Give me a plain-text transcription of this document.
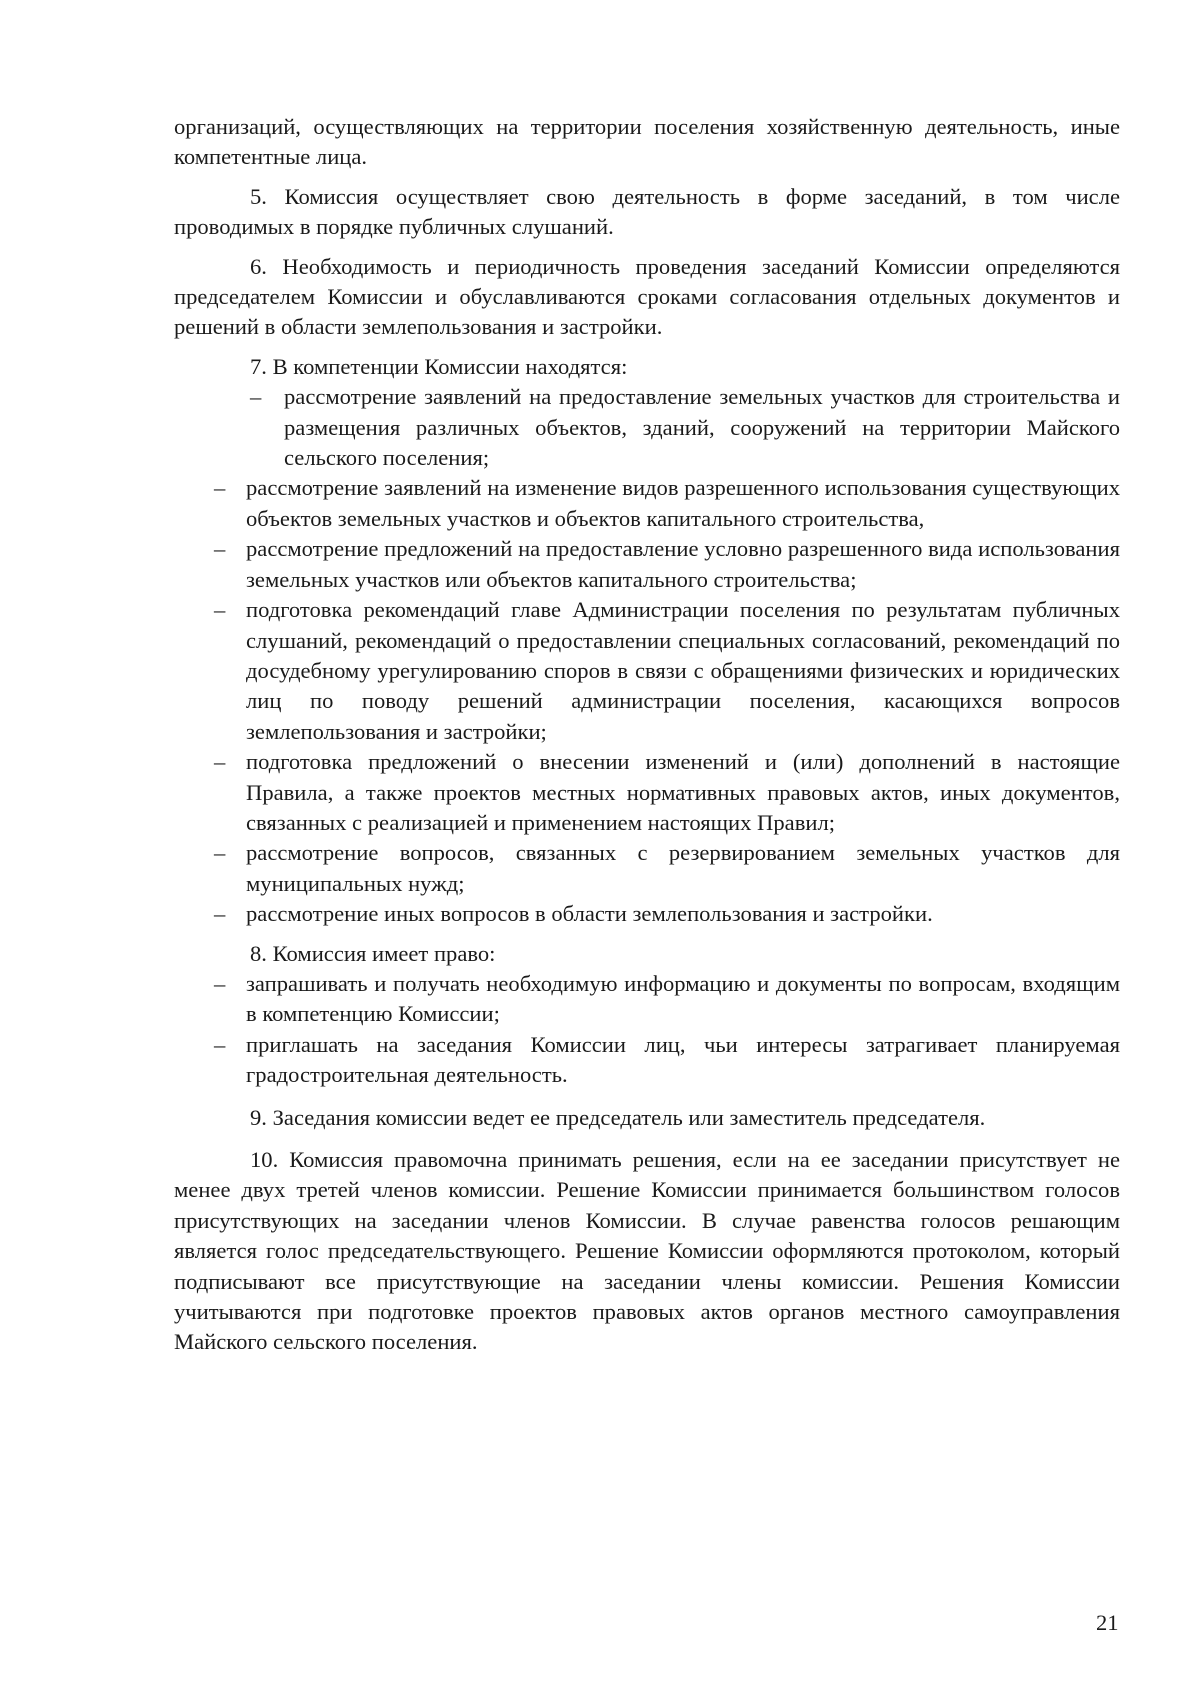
организаций, осуществляющих на территории поселения хозяйственную деятельность, иные компетентные лица.

5. Комиссия осуществляет свою деятельность в форме заседаний, в том числе проводимых в порядке публичных слушаний.

6. Необходимость и периодичность проведения заседаний Комиссии определяются председателем Комиссии и обуславливаются сроками согласования отдельных документов и решений в области землепользования и застройки.

7. В компетенции Комиссии находятся:

– рассмотрение заявлений на предоставление земельных участков для строительства и размещения различных объектов, зданий, сооружений на территории Майского сельского поселения;
– рассмотрение заявлений на изменение видов разрешенного использования существующих объектов земельных участков и объектов капитального строительства,
– рассмотрение предложений на предоставление условно разрешенного вида использования земельных участков или объектов капитального строительства;
– подготовка рекомендаций главе Администрации поселения по результатам публичных слушаний, рекомендаций о предоставлении специальных согласований, рекомендаций по досудебному урегулированию споров в связи с обращениями физических и юридических лиц по поводу решений администрации поселения, касающихся вопросов землепользования и застройки;
– подготовка предложений о внесении изменений и (или) дополнений в настоящие Правила, а также проектов местных нормативных правовых актов, иных документов, связанных с реализацией и применением настоящих Правил;
– рассмотрение вопросов, связанных с резервированием земельных участков для муниципальных нужд;
– рассмотрение иных вопросов в области землепользования и застройки.

8. Комиссия имеет право:

– запрашивать и получать необходимую информацию и документы по вопросам, входящим в компетенцию Комиссии;
– приглашать на заседания Комиссии лиц, чьи интересы затрагивает планируемая градостроительная деятельность.

9. Заседания комиссии ведет ее председатель или заместитель председателя.

10. Комиссия правомочна принимать решения, если на ее заседании присутствует не менее двух третей членов комиссии. Решение Комиссии принимается большинством голосов присутствующих на заседании членов Комиссии. В случае равенства голосов решающим является голос председательствующего. Решение Комиссии оформляются протоколом, который подписывают все присутствующие на заседании члены комиссии. Решения Комиссии учитываются при подготовке проектов правовых актов органов местного самоуправления Майского сельского поселения.

21
